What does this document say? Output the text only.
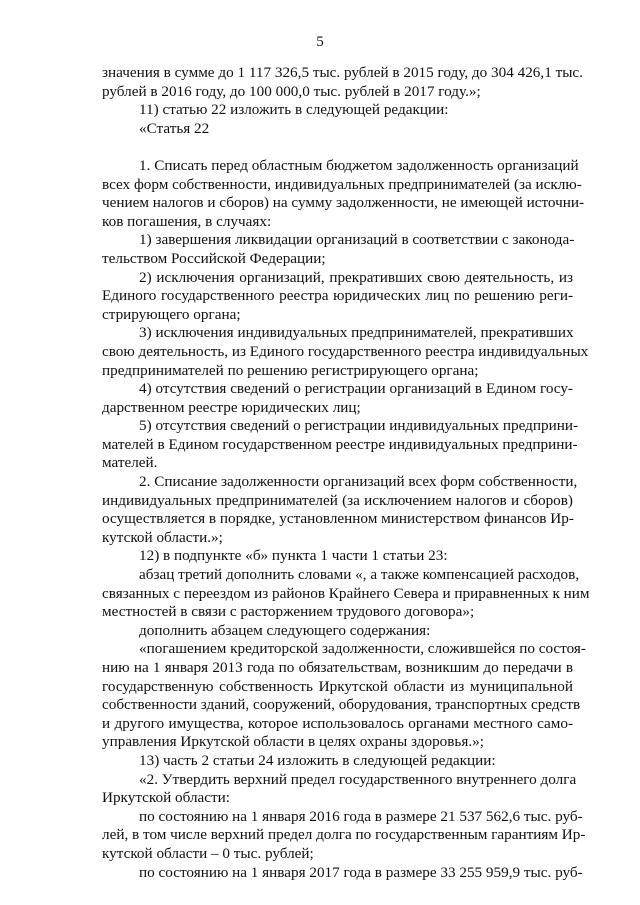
5
значения в сумме до 1 117 326,5 тыс. рублей в 2015 году, до 304 426,1 тыс.
рублей в 2016 году, до 100 000,0 тыс. рублей в 2017 году.»;
11) статью 22 изложить в следующей редакции:
«Статья 22
1. Списать перед областным бюджетом задолженность организаций
всех форм собственности, индивидуальных предпринимателей (за исклю-
чением налогов и сборов) на сумму задолженности, не имеющей источни-
ков погашения, в случаях:
1) завершения ликвидации организаций в соответствии с законода-
тельством Российской Федерации;
2) исключения организаций, прекративших свою деятельность, из
Единого государственного реестра юридических лиц по решению реги-
стрирующего органа;
3) исключения индивидуальных предпринимателей, прекративших
свою деятельность, из Единого государственного реестра индивидуальных
предпринимателей по решению регистрирующего органа;
4) отсутствия сведений о регистрации организаций в Едином госу-
дарственном реестре юридических лиц;
5) отсутствия сведений о регистрации индивидуальных предприни-
мателей в Едином государственном реестре индивидуальных предприни-
мателей.
2. Списание задолженности организаций всех форм собственности,
индивидуальных предпринимателей (за исключением налогов и сборов)
осуществляется в порядке, установленном министерством финансов Ир-
кутской области.»;
12) в подпункте «б» пункта 1 части 1 статьи 23:
абзац третий дополнить словами «, а также компенсацией расходов,
связанных с переездом из районов Крайнего Севера и приравненных к ним
местностей в связи с расторжением трудового договора»;
дополнить абзацем следующего содержания:
«погашением кредиторской задолженности, сложившейся по состоя-
нию на 1 января 2013 года по обязательствам, возникшим до передачи в
государственную собственность Иркутской области из муниципальной
собственности зданий, сооружений, оборудования, транспортных средств
и другого имущества, которое использовалось органами местного само-
управления Иркутской области в целях охраны здоровья.»;
13) часть 2 статьи 24 изложить в следующей редакции:
«2. Утвердить верхний предел государственного внутреннего долга
Иркутской области:
по состоянию на 1 января 2016 года в размере 21 537 562,6 тыс. руб-
лей, в том числе верхний предел долга по государственным гарантиям Ир-
кутской области – 0 тыс. рублей;
по состоянию на 1 января 2017 года в размере 33 255 959,9 тыс. руб-
